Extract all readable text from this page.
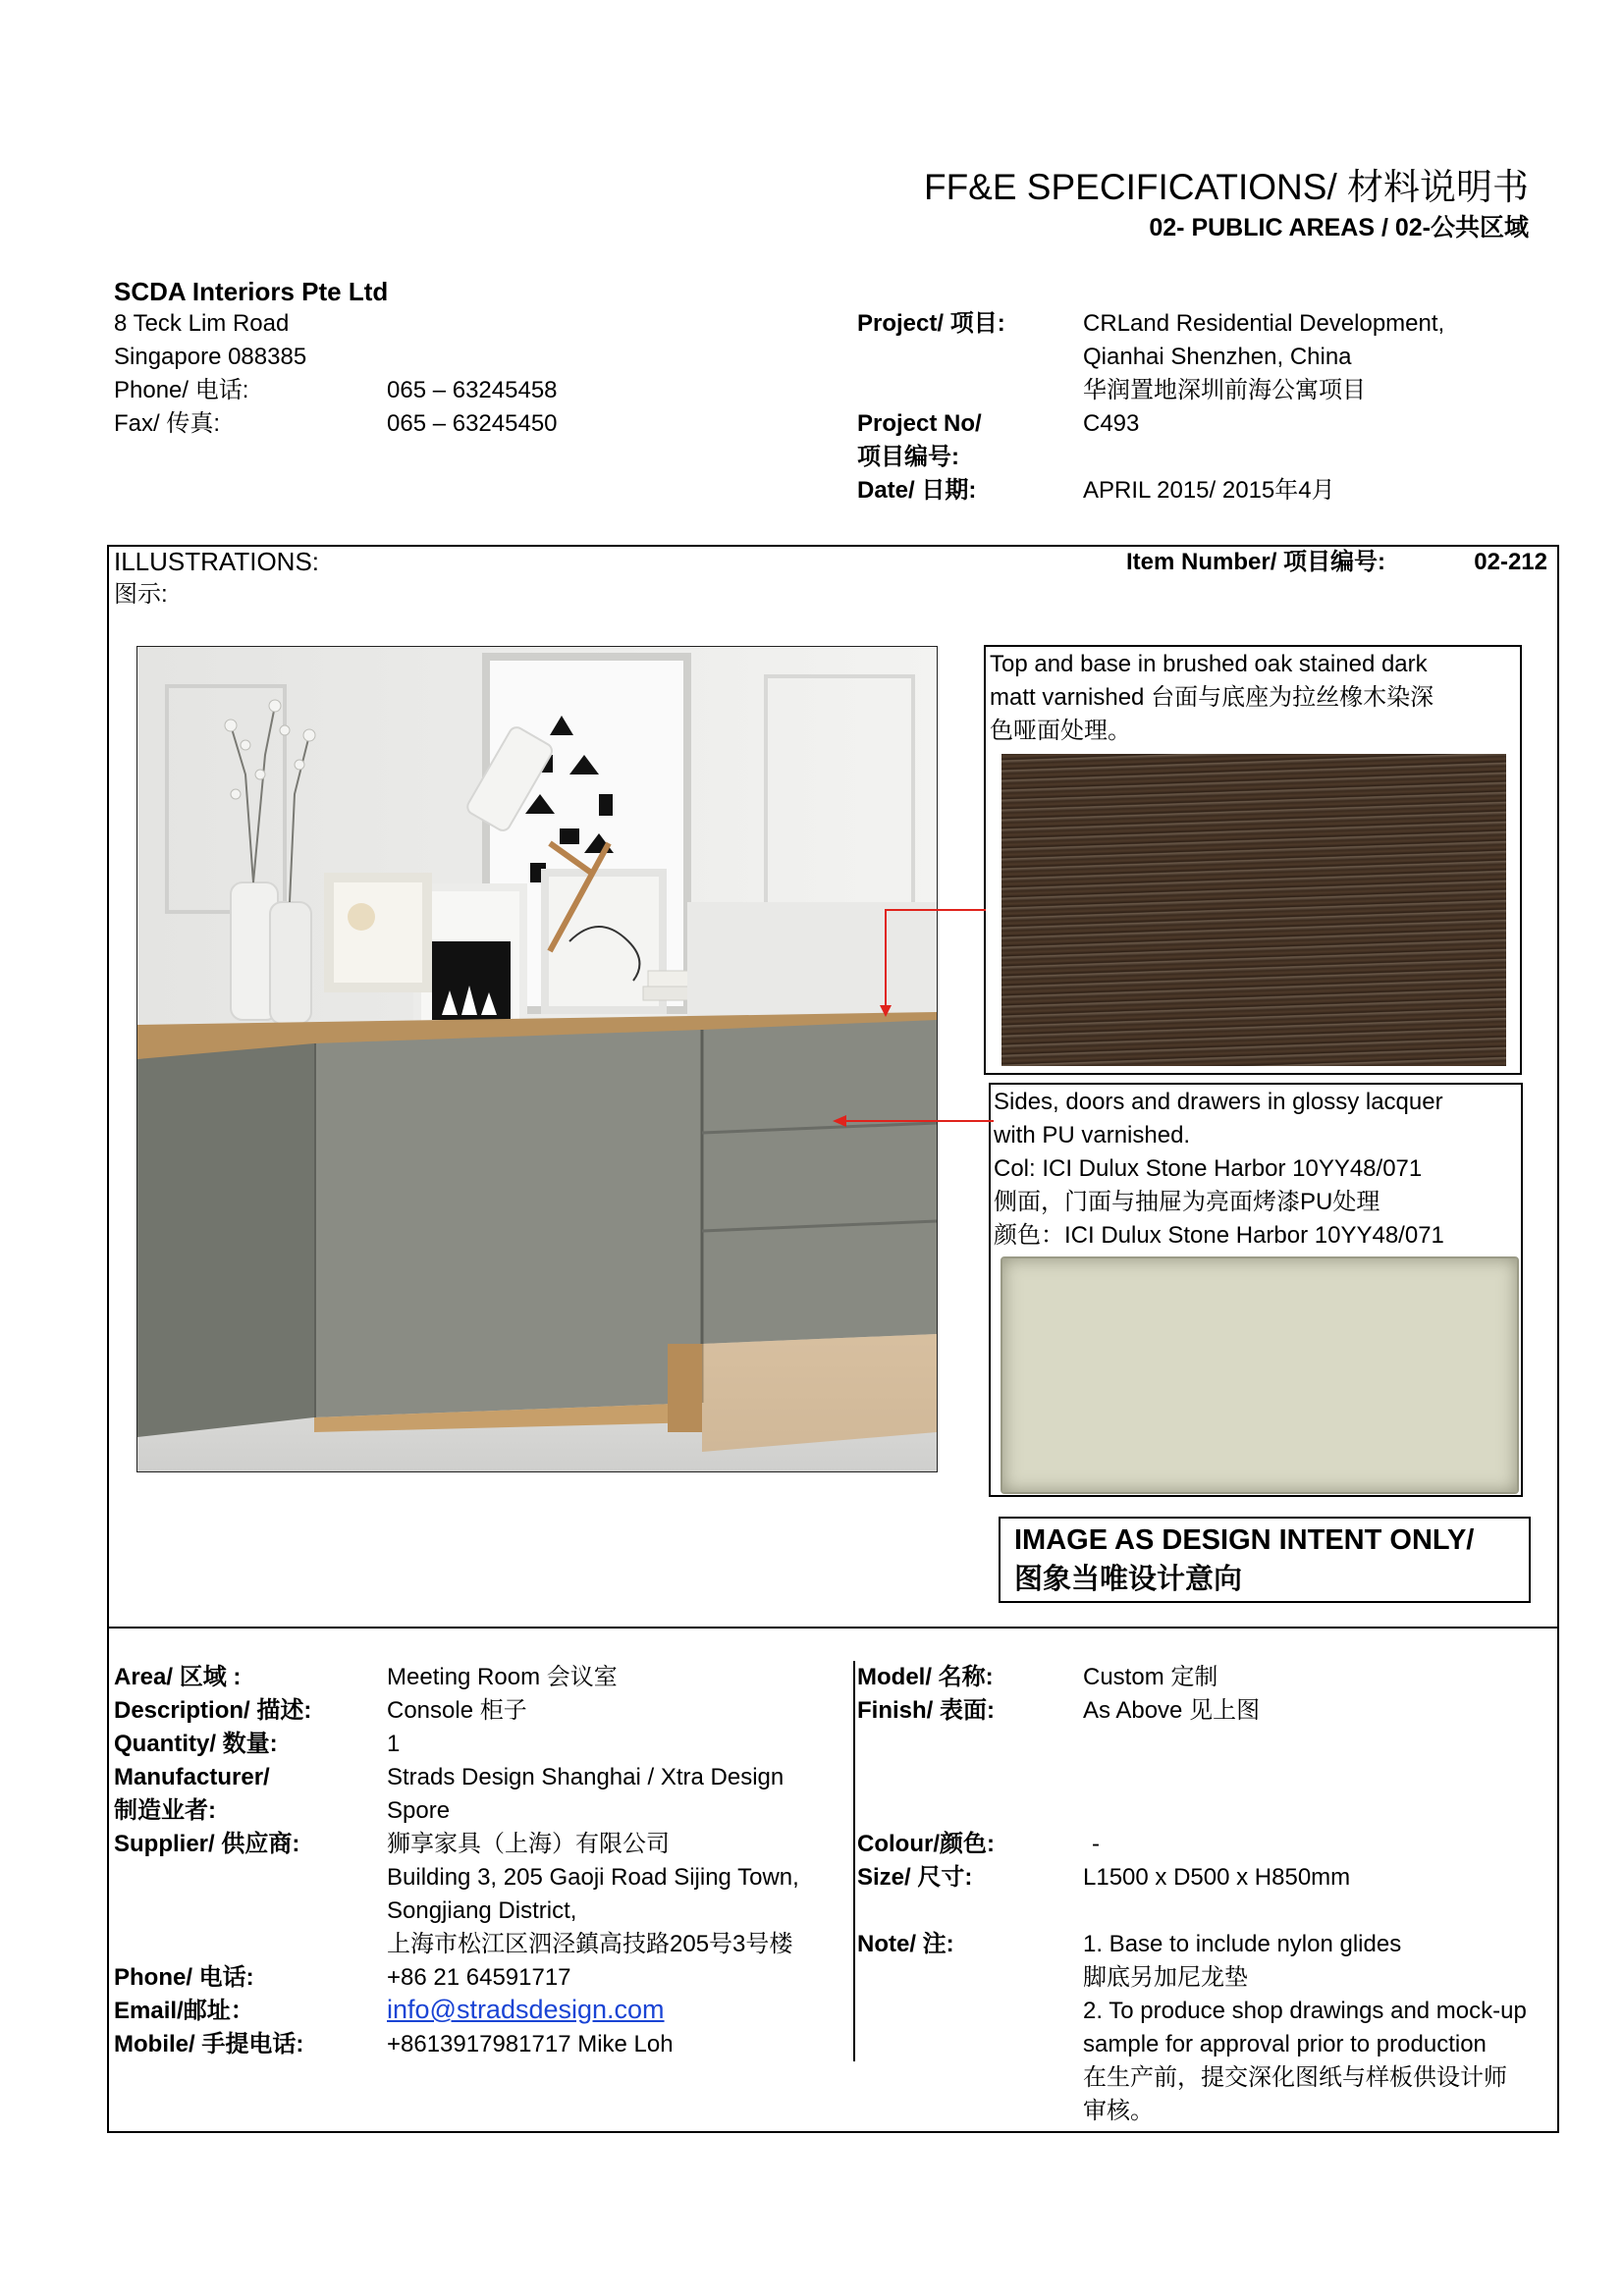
FF&E SPECIFICATIONS/ 材料说明书
02- PUBLIC AREAS / 02-公共区域
SCDA Interiors Pte Ltd
8 Teck Lim Road
Singapore 088385
Phone/ 电话:	065 – 63245458
Fax/ 传真:	065 – 63245450
Project/ 项目:	CRLand Residential Development,
Qianhai Shenzhen, China
华润置地深圳前海公寓项目
Project No/
项目编号:
C493
Date/ 日期:	APRIL 2015/ 2015年4月
ILLUSTRATIONS:
图示:
Item Number/ 项目编号:	02-212
Top and base in brushed oak stained dark
matt varnished 台面与底座为拉丝橡木染深
色哑面处理。
Sides, doors and drawers in glossy lacquer
with PU varnished.
Col: ICI Dulux Stone Harbor 10YY48/071
侧面，门面与抽屉为亮面烤漆PU处理
颜色：ICI Dulux Stone Harbor 10YY48/071
IMAGE AS DESIGN INTENT ONLY/
图象当唯设计意向
Area/ 区域 :	Meeting Room 会议室
Description/ 描述:	Console 柜子
Quantity/ 数量:	1
Manufacturer/
制造业者:
Strads Design Shanghai / Xtra Design
Spore
Supplier/ 供应商:	狮享家具（上海）有限公司
Building 3, 205 Gaoji Road Sijing Town,
Songjiang District,
上海市松江区泗泾鎮高技路205号3号楼
Phone/ 电话:	+86 21 64591717
Email/邮址：	info@stradsdesign.com
Mobile/ 手提电话:	+8613917981717 Mike Loh
Model/ 名称:	Custom 定制
Finish/ 表面:	As Above 见上图
Colour/颜色:	-
Size/ 尺寸:	L1500 x D500 x H850mm
Note/ 注:	1. Base to include nylon glides
脚底另加尼龙垫
2. To produce shop drawings and mock-up
sample for approval prior to production
在生产前，提交深化图纸与样板供设计师
审核。
